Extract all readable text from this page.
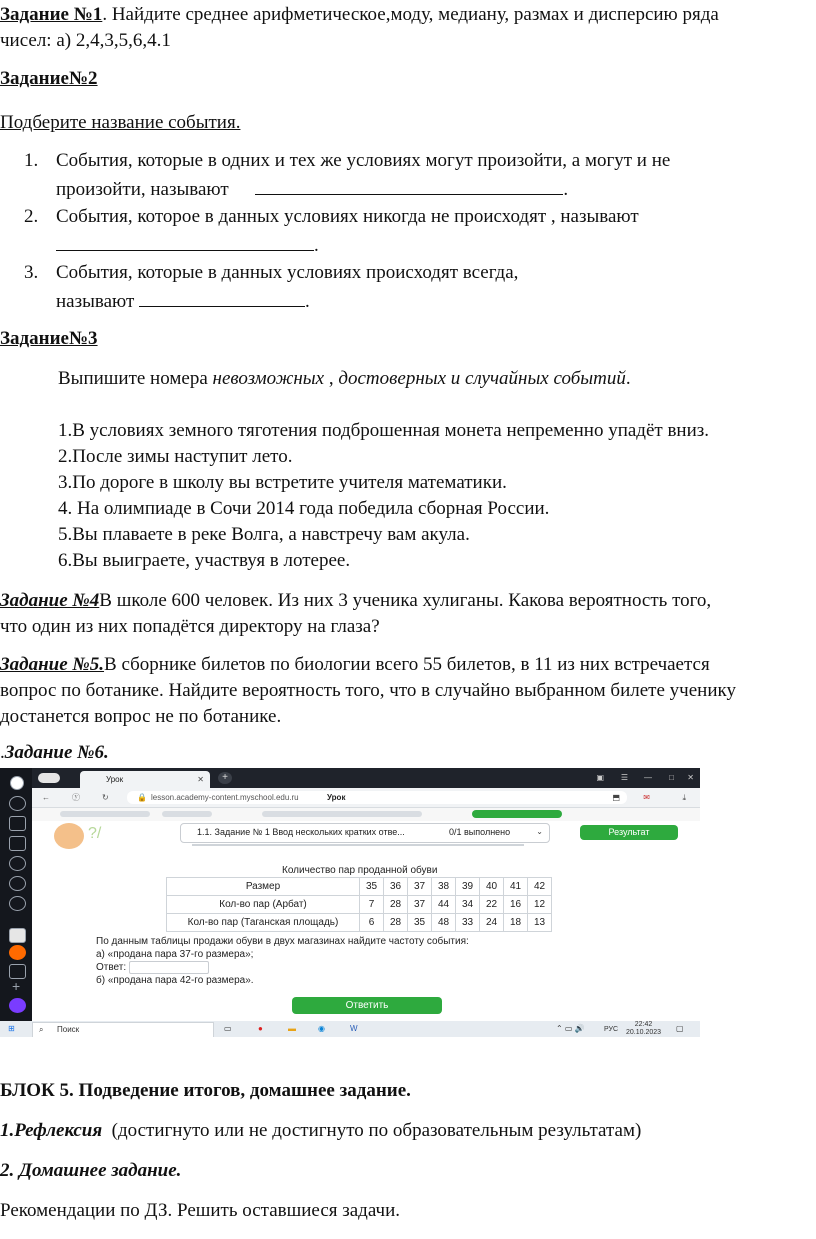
Задание №1. Найдите среднее арифметическое,моду, медиану, размах и дисперсию ряда
чисел: а) 2,4,3,5,6,4.1
Задание№2
Подберите название события.
1. События, которые в одних и тех же условиях могут произойти, а могут и не
произойти, называют	.
2. События, которое в данных условиях никогда не происходят , называют
.
3. События, которые в данных условиях происходят всегда,
называют	.
Задание№3
Выпишите номера невозможных , достоверных и случайных событий.
1.В условиях земного тяготения подброшенная монета непременно упадёт вниз.
2.После зимы наступит лето.
3.По дороге в школу вы встретите учителя математики.
4. На олимпиаде в Сочи 2014 года победила сборная России.
5.Вы плаваете в реке Волга, а навстречу вам акула.
6.Вы выиграете, участвуя в лотерее.
Задание №4В школе 600 человек. Из них 3 ученика хулиганы. Какова вероятность того,
что один из них попадётся директору на глаза?
Задание №5.В сборнике билетов по биологии всего 55 билетов, в 11 из них встречается
вопрос по ботанике. Найдите вероятность того, что в случайно выбранном билете ученику
достанется вопрос не по ботанике.
.Задание №6.
+
Урок	✕	+	▣ ☰ — □ ✕
←	ⓨ	↻	🔒 lesson.academy-content.myschool.edu.ru	Урок	⬒	✉	⤓
?/	1.1. Задание № 1 Ввод нескольких кратких отве...	0/1 выполнено	⌄	Результат
Количество пар проданной обуви
Размер	35	36	37	38	39	40	41	42
Кол-во пар (Арбат)	7	28	37	44	34	22	16	12
Кол-во пар (Таганская площадь)	6	28	35	48	33	24	18	13
По данным таблицы продажи обуви в двух магазинах найдите частоту события:
а) «продана пара 37-го размера»;
Ответ:
б) «продана пара 42-го размера».
Ответить
⊞	⌕ Поиск	▭	●	▬	◉	W	⌃ ▭ 🔊	РУС
22:42
20.10.2023 ▢
БЛОК 5. Подведение итогов, домашнее задание.
1.Рефлексия  (достигнуто или не достигнуто по образовательным результатам)
2. Домашнее задание.
Рекомендации по ДЗ. Решить оставшиеся задачи.
